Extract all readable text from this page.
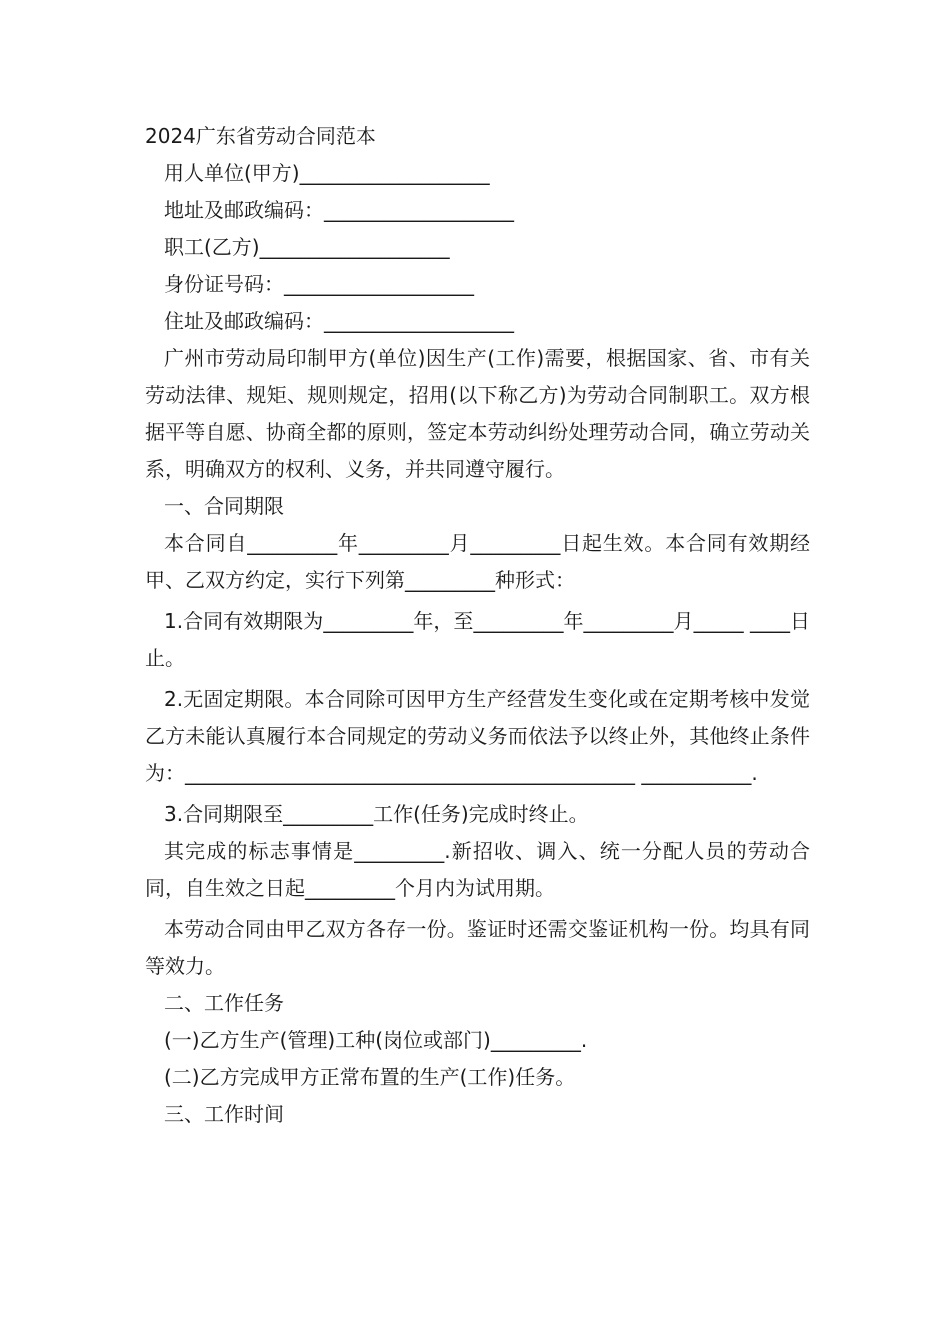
2024广东省劳动合同范本

用人单位(甲方)___________________

地址及邮政编码：___________________

职工(乙方)___________________

身份证号码：___________________

住址及邮政编码：___________________

广州市劳动局印制甲方(单位)因生产(工作)需要，根据国家、省、市有关劳动法律、规矩、规则规定，招用(以下称乙方)为劳动合同制职工。双方根据平等自愿、协商全都的原则，签定本劳动纠纷处理劳动合同，确立劳动关系，明确双方的权利、义务，并共同遵守履行。

一、合同期限

本合同自_________年_________月_________日起生效。本合同有效期经甲、乙双方约定，实行下列第_________种形式：

1.合同有效期限为_________年，至_________年_________月_____ ____日止。

2.无固定期限。本合同除可因甲方生产经营发生变化或在定期考核中发觉乙方未能认真履行本合同规定的劳动义务而依法予以终止外，其他终止条件为：_____________________________________________ ___________.

3.合同期限至_________工作(任务)完成时终止。

其完成的标志事情是_________.新招收、调入、统一分配人员的劳动合同，自生效之日起_________个月内为试用期。

本劳动合同由甲乙双方各存一份。鉴证时还需交鉴证机构一份。均具有同等效力。

二、工作任务

(一)乙方生产(管理)工种(岗位或部门)_________.

(二)乙方完成甲方正常布置的生产(工作)任务。

三、工作时间
